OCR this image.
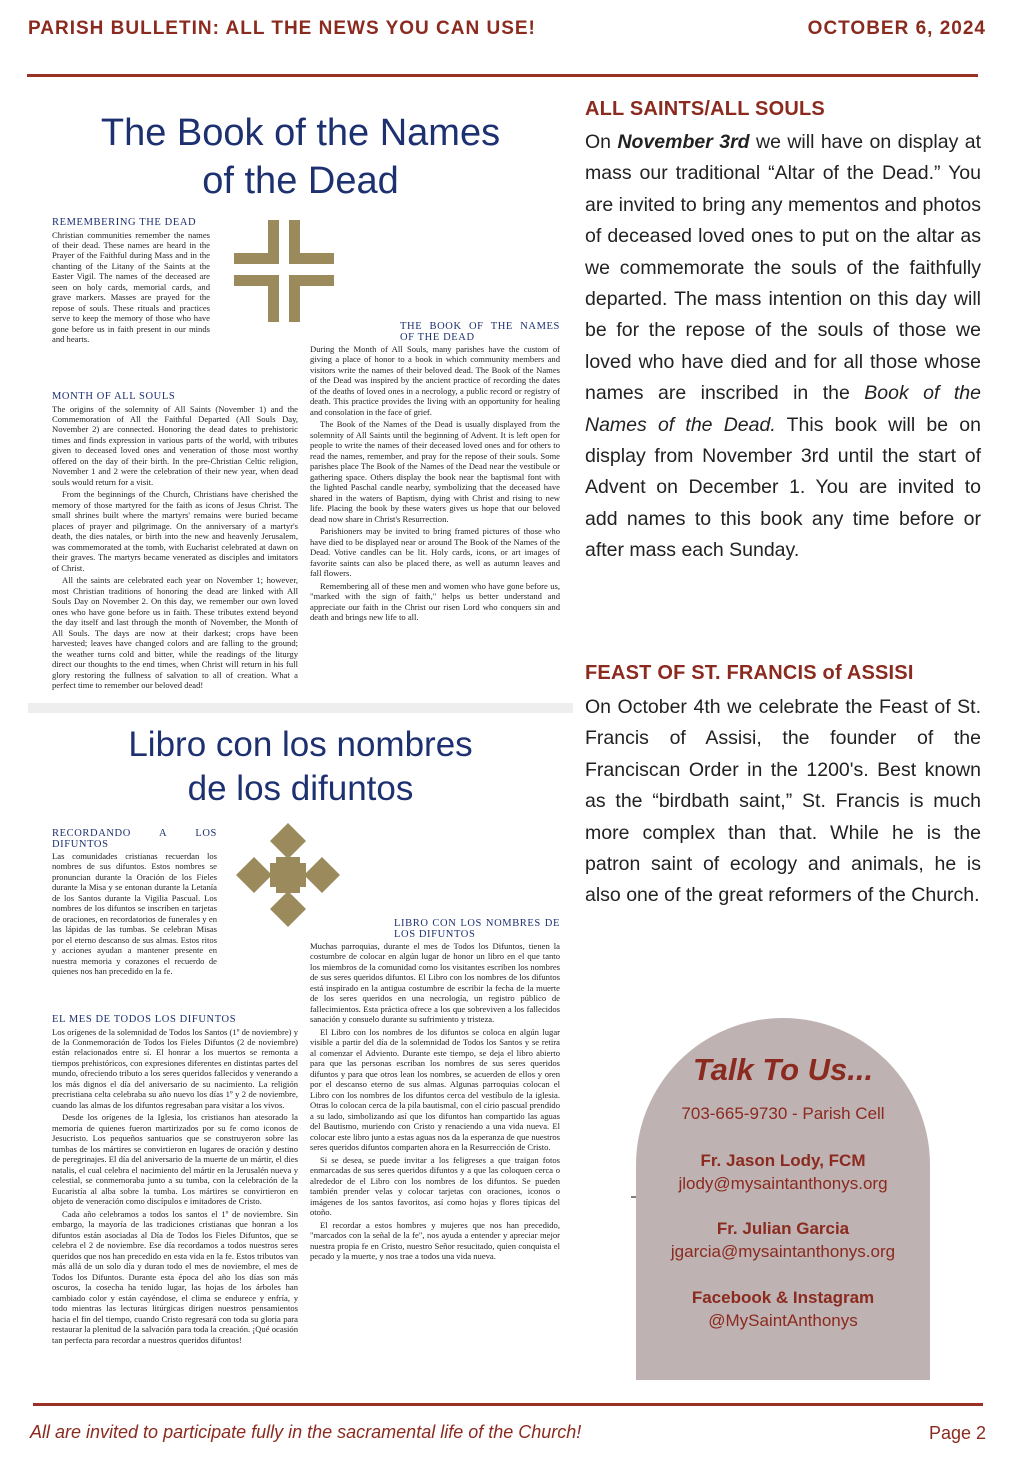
PARISH BULLETIN: ALL THE NEWS YOU CAN USE!	OCTOBER 6, 2024
The Book of the Names
of the Dead
REMEMBERING THE DEAD

Christian communities remember the names of their dead. These names are heard in the Prayer of the Faithful during Mass and in the chanting of the Litany of the Saints at the Easter Vigil. The names of the deceased are seen on holy cards, memorial cards, and grave markers. Masses are prayed for the repose of souls. These rituals and practices serve to keep the memory of those who have gone before us in faith present in our minds and hearts.

MONTH OF ALL SOULS

The origins of the solemnity of All Saints (November 1) and the Commemoration of All the Faithful Departed (All Souls Day, November 2) are connected. Honoring the dead dates to prehistoric times and finds expression in various parts of the world, with tributes given to deceased loved ones and veneration of those most worthy offered on the day of their birth. In the pre-Christian Celtic religion, November 1 and 2 were the celebration of their new year, when dead souls would return for a visit.

From the beginnings of the Church, Christians have cherished the memory of those martyred for the faith as icons of Jesus Christ. The small shrines built where the martyrs' remains were buried became places of prayer and pilgrimage. On the anniversary of a martyr's death, the dies natales, or birth into the new and heavenly Jerusalem, was commemorated at the tomb, with Eucharist celebrated at dawn on their graves. The martyrs became venerated as disciples and imitators of Christ.

All the saints are celebrated each year on November 1; however, most Christian traditions of honoring the dead are linked with All Souls Day on November 2. On this day, we remember our own loved ones who have gone before us in faith. These tributes extend beyond the day itself and last through the month of November, the Month of All Souls. The days are now at their darkest; crops have been harvested; leaves have changed colors and are falling to the ground; the weather turns cold and bitter, while the readings of the liturgy direct our thoughts to the end times, when Christ will return in his full glory restoring the fullness of salvation to all of creation. What a perfect time to remember our beloved dead!

THE BOOK OF THE NAMES OF THE DEAD

During the Month of All Souls, many parishes have the custom of giving a place of honor to a book in which community members and visitors write the names of their beloved dead. The Book of the Names of the Dead was inspired by the ancient practice of recording the dates of the deaths of loved ones in a necrology, a public record or registry of death. This practice provides the living with an opportunity for healing and consolation in the face of grief.

The Book of the Names of the Dead is usually displayed from the solemnity of All Saints until the beginning of Advent. It is left open for people to write the names of their deceased loved ones and for others to read the names, remember, and pray for the repose of their souls. Some parishes place The Book of the Names of the Dead near the vestibule or gathering space. Others display the book near the baptismal font with the lighted Paschal candle nearby, symbolizing that the deceased have shared in the waters of Baptism, dying with Christ and rising to new life. Placing the book by these waters gives us hope that our beloved dead now share in Christ's Resurrection.

Parishioners may be invited to bring framed pictures of those who have died to be displayed near or around The Book of the Names of the Dead. Votive candles can be lit. Holy cards, icons, or art images of favorite saints can also be placed there, as well as autumn leaves and fall flowers.

Remembering all of these men and women who have gone before us, "marked with the sign of faith," helps us better understand and appreciate our faith in the Christ our risen Lord who conquers sin and death and brings new life to all.

Libro con los nombres
de los difuntos
RECORDANDO A LOS DIFUNTOS

Las comunidades cristianas recuerdan los nombres de sus difuntos. Estos nombres se pronuncian durante la Oración de los Fieles durante la Misa y se entonan durante la Letanía de los Santos durante la Vigilia Pascual. Los nombres de los difuntos se inscriben en tarjetas de oraciones, en recordatorios de funerales y en las lápidas de las tumbas. Se celebran Misas por el eterno descanso de sus almas. Estos ritos y acciones ayudan a mantener presente en nuestra memoria y corazones el recuerdo de quienes nos han precedido en la fe.

EL MES DE TODOS LOS DIFUNTOS

Los orígenes de la solemnidad de Todos los Santos (1º de noviembre) y de la Conmemoración de Todos los Fieles Difuntos (2 de noviembre) están relacionados entre sí. El honrar a los muertos se remonta a tiempos prehistóricos, con expresiones diferentes en distintas partes del mundo, ofreciendo tributo a los seres queridos fallecidos y venerando a los más dignos el día del aniversario de su nacimiento. La religión precristiana celta celebraba su año nuevo los días 1º y 2 de noviembre, cuando las almas de los difuntos regresaban para visitar a los vivos.

Desde los orígenes de la Iglesia, los cristianos han atesorado la memoria de quienes fueron martirizados por su fe como iconos de Jesucristo. Los pequeños santuarios que se construyeron sobre las tumbas de los mártires se convirtieron en lugares de oración y destino de peregrinajes. El día del aniversario de la muerte de un mártir, el dies natalis, el cual celebra el nacimiento del mártir en la Jerusalén nueva y celestial, se conmemoraba junto a su tumba, con la celebración de la Eucaristía al alba sobre la tumba. Los mártires se convirtieron en objeto de veneración como discípulos e imitadores de Cristo.

Cada año celebramos a todos los santos el 1º de noviembre. Sin embargo, la mayoría de las tradiciones cristianas que honran a los difuntos están asociadas al Día de Todos los Fieles Difuntos, que se celebra el 2 de noviembre. Ese día recordamos a todos nuestros seres queridos que nos han precedido en esta vida en la fe. Estos tributos van más allá de un solo día y duran todo el mes de noviembre, el mes de Todos los Difuntos. Durante esta época del año los días son más oscuros, la cosecha ha tenido lugar, las hojas de los árboles han cambiado color y están cayéndose, el clima se endurece y enfría, y todo mientras las lecturas litúrgicas dirigen nuestros pensamientos hacia el fin del tiempo, cuando Cristo regresará con toda su gloria para restaurar la plenitud de la salvación para toda la creación. ¡Qué ocasión tan perfecta para recordar a nuestros queridos difuntos!

LIBRO CON LOS NOMBRES DE LOS DIFUNTOS

Muchas parroquias, durante el mes de Todos los Difuntos, tienen la costumbre de colocar en algún lugar de honor un libro en el que tanto los miembros de la comunidad como los visitantes escriben los nombres de sus seres queridos difuntos. El Libro con los nombres de los difuntos está inspirado en la antigua costumbre de escribir la fecha de la muerte de los seres queridos en una necrología, un registro público de fallecimientos. Esta práctica ofrece a los que sobreviven a los fallecidos sanación y consuelo durante su sufrimiento y tristeza.

El Libro con los nombres de los difuntos se coloca en algún lugar visible a partir del día de la solemnidad de Todos los Santos y se retira al comenzar el Adviento. Durante este tiempo, se deja el libro abierto para que las personas escriban los nombres de sus seres queridos difuntos y para que otros lean los nombres, se acuerden de ellos y oren por el descanso eterno de sus almas. Algunas parroquias colocan el Libro con los nombres de los difuntos cerca del vestíbulo de la iglesia. Otras lo colocan cerca de la pila bautismal, con el cirio pascual prendido a su lado, simbolizando así que los difuntos han compartido las aguas del Bautismo, muriendo con Cristo y renaciendo a una vida nueva. El colocar este libro junto a estas aguas nos da la esperanza de que nuestros seres queridos difuntos comparten ahora en la Resurrección de Cristo.

Si se desea, se puede invitar a los feligreses a que traigan fotos enmarcadas de sus seres queridos difuntos y a que las coloquen cerca o alrededor de el Libro con los nombres de los difuntos. Se pueden también prender velas y colocar tarjetas con oraciones, iconos o imágenes de los santos favoritos, así como hojas y flores típicas del otoño.

El recordar a estos hombres y mujeres que nos han precedido, "marcados con la señal de la fe", nos ayuda a entender y apreciar mejor nuestra propia fe en Cristo, nuestro Señor resucitado, quien conquista el pecado y la muerte, y nos trae a todos una vida nueva.

ALL SAINTS/ALL SOULS
On November 3rd we will have on display at mass our traditional “Altar of the Dead.” You are invited to bring any mementos and photos of deceased loved ones to put on the altar as we commemorate the souls of the faithfully departed. The mass intention on this day will be for the repose of the souls of those we loved who have died and for all those whose names are inscribed in the Book of the Names of the Dead. This book will be on display from November 3rd until the start of Advent on December 1. You are invited to add names to this book any time before or after mass each Sunday.
FEAST OF ST. FRANCIS of ASSISI
On October 4th we celebrate the Feast of St. Francis of Assisi, the founder of the Franciscan Order in the 1200's. Best known as the “birdbath saint,” St. Francis is much more complex than that. While he is the patron saint of ecology and animals, he is also one of the great reformers of the Church.
Talk To Us...
703-665-9730 - Parish Cell
Fr. Jason Lody, FCM
jlody@mysaintanthonys.org
Fr. Julian Garcia
jgarcia@mysaintanthonys.org
Facebook & Instagram
@MySaintAnthonys
All are invited to participate fully in the sacramental life of the Church!	Page 2
